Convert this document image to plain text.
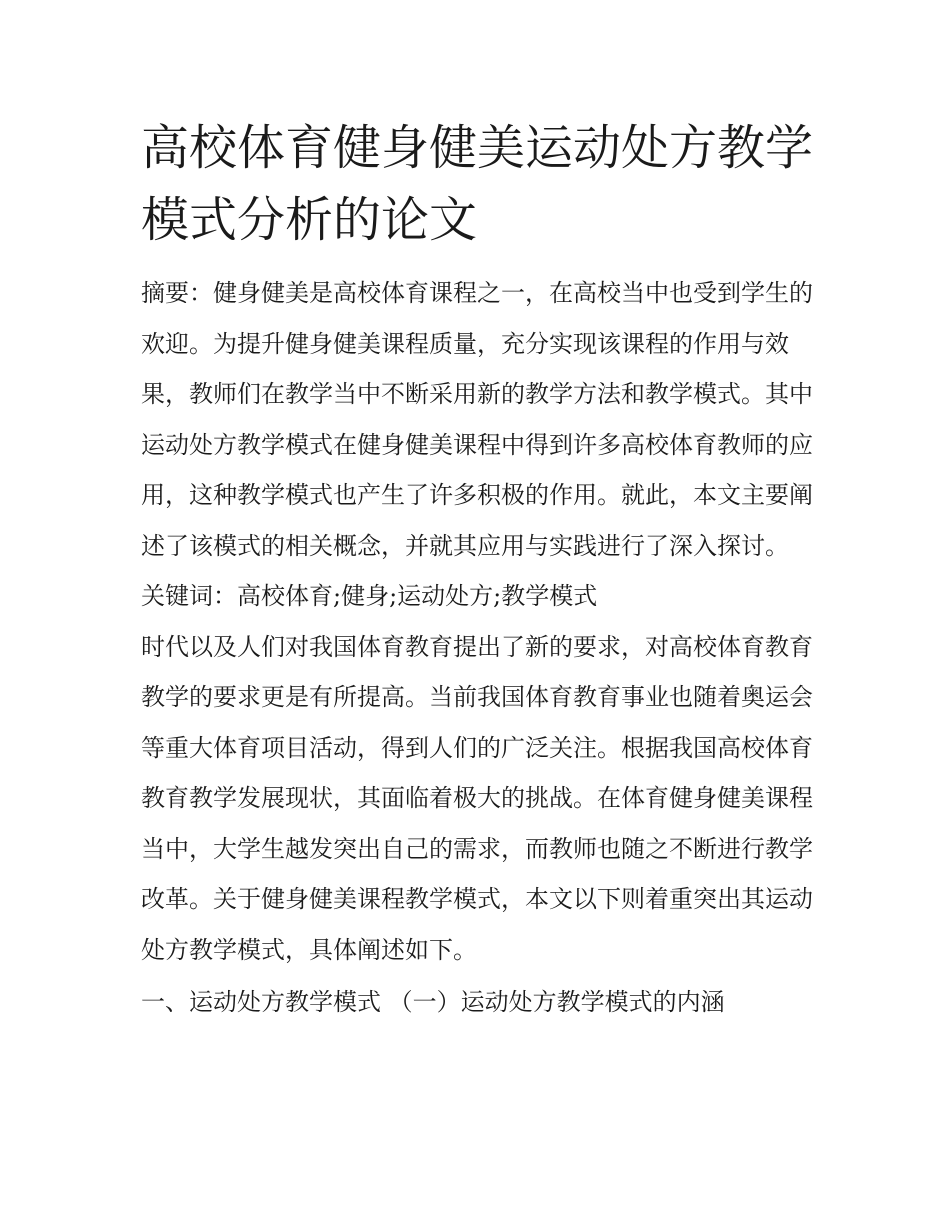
高校体育健身健美运动处方教学模式分析的论文

摘要：健身健美是高校体育课程之一，在高校当中也受到学生的欢迎。为提升健身健美课程质量，充分实现该课程的作用与效果，教师们在教学当中不断采用新的教学方法和教学模式。其中运动处方教学模式在健身健美课程中得到许多高校体育教师的应用，这种教学模式也产生了许多积极的作用。就此，本文主要阐述了该模式的相关概念，并就其应用与实践进行了深入探讨。

关键词：高校体育;健身;运动处方;教学模式

时代以及人们对我国体育教育提出了新的要求，对高校体育教育教学的要求更是有所提高。当前我国体育教育事业也随着奥运会等重大体育项目活动，得到人们的广泛关注。根据我国高校体育教育教学发展现状，其面临着极大的挑战。在体育健身健美课程当中，大学生越发突出自己的需求，而教师也随之不断进行教学改革。关于健身健美课程教学模式，本文以下则着重突出其运动处方教学模式，具体阐述如下。

一、运动处方教学模式 （一）运动处方教学模式的内涵
